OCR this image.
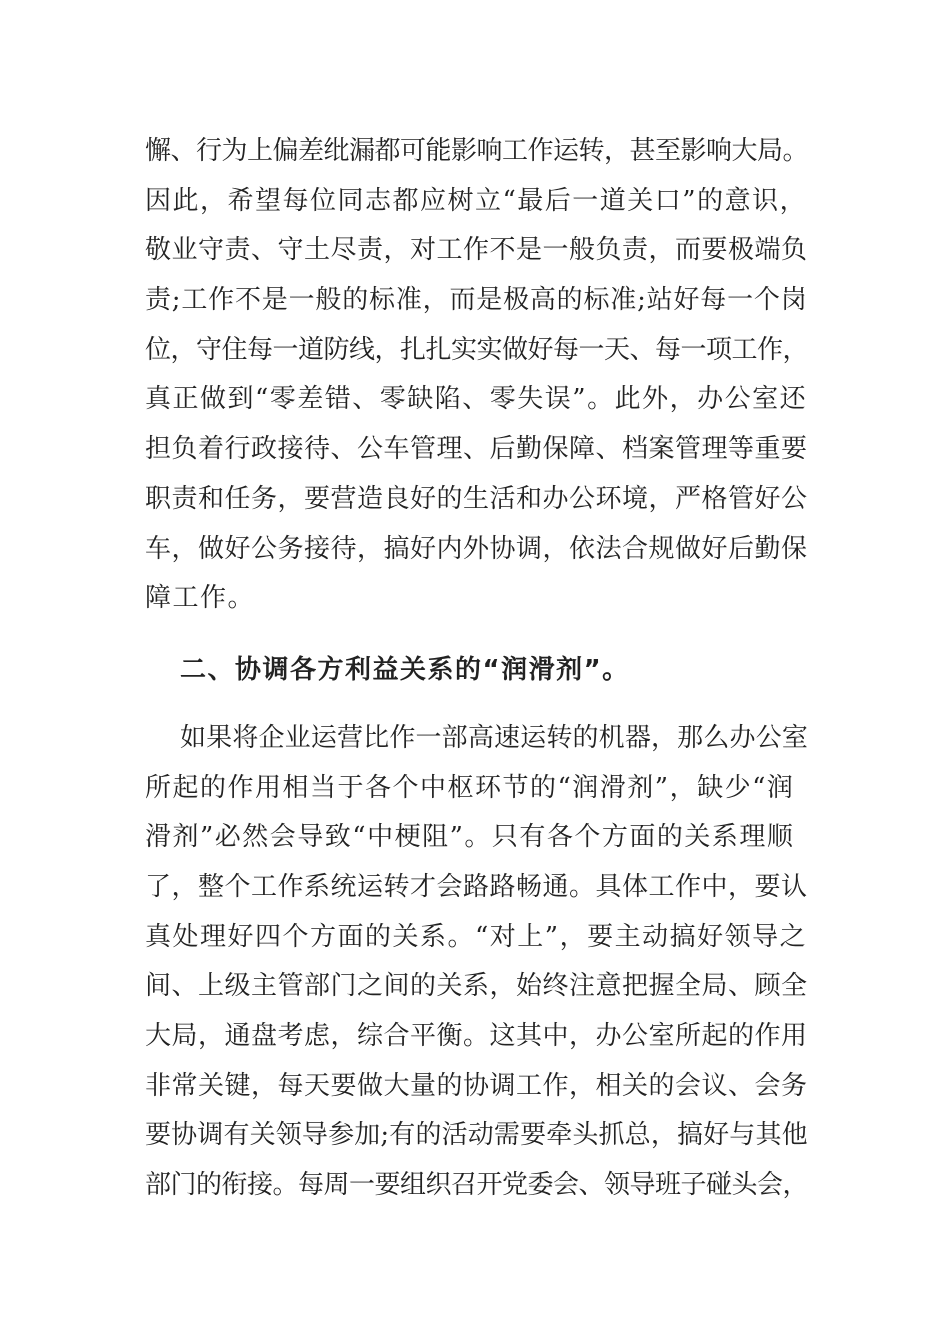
懈、行为上偏差纰漏都可能影响工作运转，甚至影响大局。
因此，希望每位同志都应树立“最后一道关口”的意识，
敬业守责、守土尽责，对工作不是一般负责，而要极端负
责;工作不是一般的标准，而是极高的标准;站好每一个岗
位，守住每一道防线，扎扎实实做好每一天、每一项工作，
真正做到“零差错、零缺陷、零失误”。此外，办公室还
担负着行政接待、公车管理、后勤保障、档案管理等重要
职责和任务，要营造良好的生活和办公环境，严格管好公
车，做好公务接待，搞好内外协调，依法合规做好后勤保
障工作。
二、协调各方利益关系的“润滑剂”。
如果将企业运营比作一部高速运转的机器，那么办公室
所起的作用相当于各个中枢环节的“润滑剂”，缺少“润
滑剂”必然会导致“中梗阻”。只有各个方面的关系理顺
了，整个工作系统运转才会路路畅通。具体工作中，要认
真处理好四个方面的关系。“对上”，要主动搞好领导之
间、上级主管部门之间的关系，始终注意把握全局、顾全
大局，通盘考虑，综合平衡。这其中，办公室所起的作用
非常关键，每天要做大量的协调工作，相关的会议、会务
要协调有关领导参加;有的活动需要牵头抓总，搞好与其他
部门的衔接。每周一要组织召开党委会、领导班子碰头会，
